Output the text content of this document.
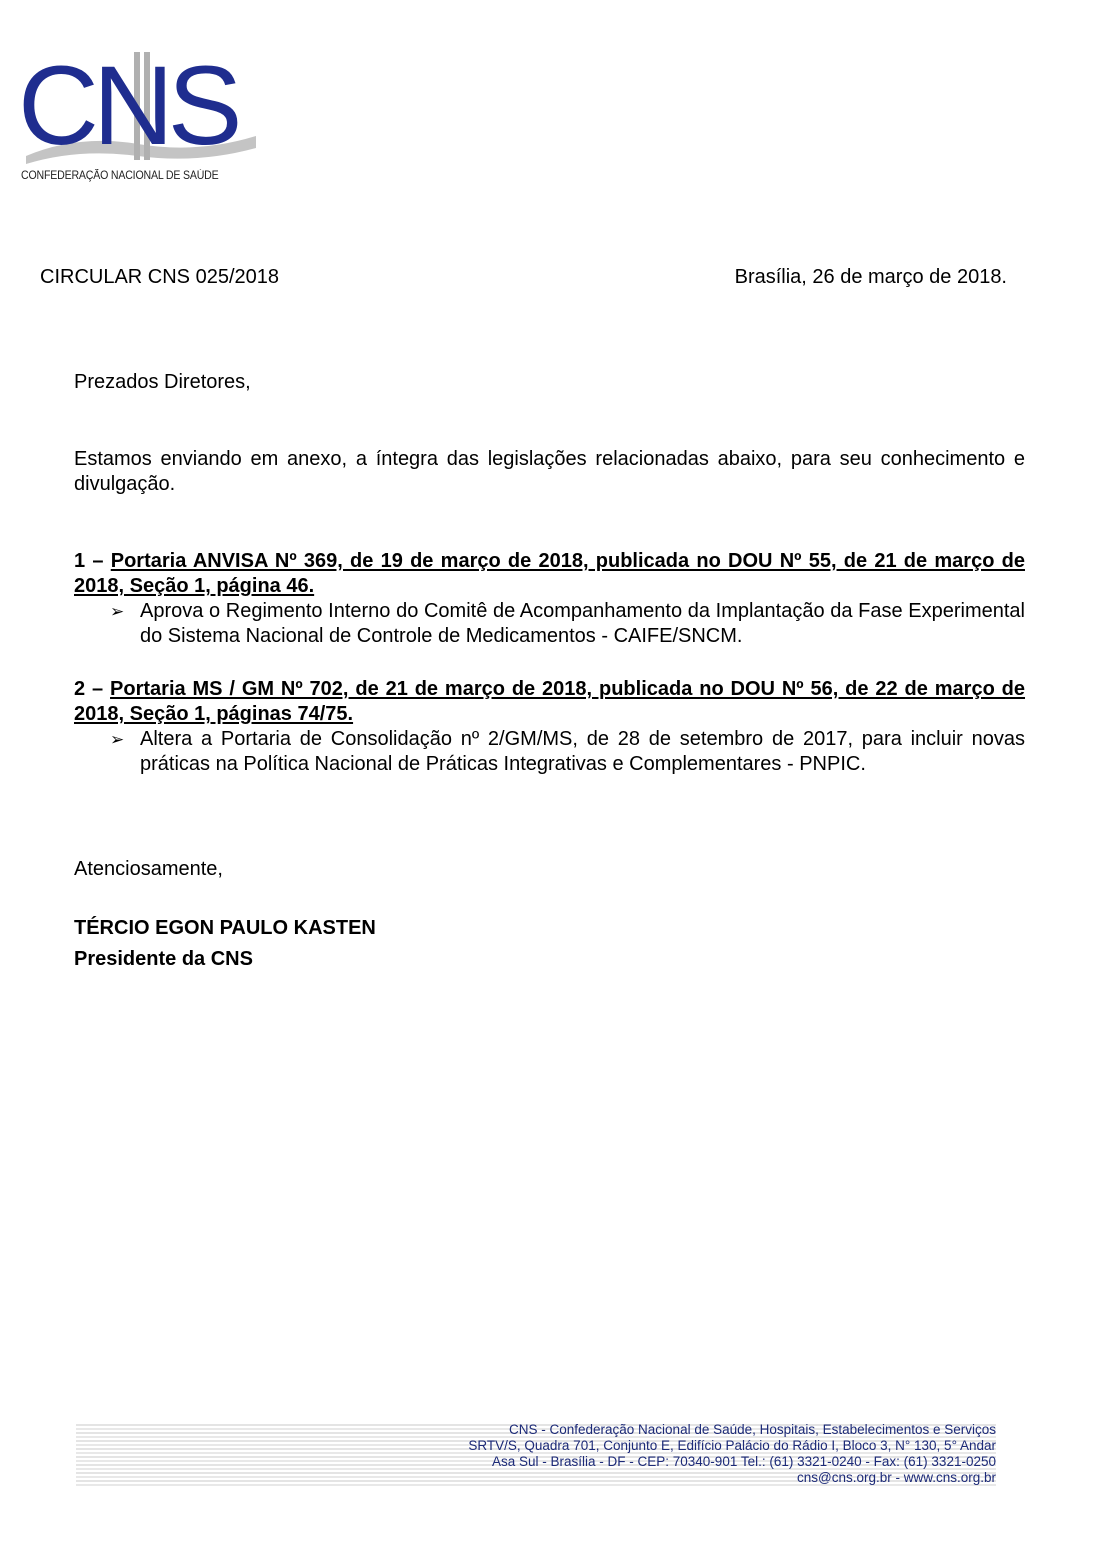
CNS
CONFEDERAÇÃO NACIONAL DE SAÚDE
CIRCULAR CNS 025/2018	Brasília, 26 de março de 2018.
Prezados Diretores,
Estamos enviando em anexo, a íntegra das legislações relacionadas abaixo, para seu conhecimento e divulgação.
1 – Portaria ANVISA Nº 369, de 19 de março de 2018, publicada no DOU Nº 55, de 21 de março de 2018, Seção 1, página 46.
➢ Aprova o Regimento Interno do Comitê de Acompanhamento da Implantação da Fase Experimental do Sistema Nacional de Controle de Medicamentos - CAIFE/SNCM.
2 – Portaria MS / GM Nº 702, de 21 de março de 2018, publicada no DOU Nº 56, de 22 de março de 2018, Seção 1, páginas 74/75.
➢ Altera a Portaria de Consolidação nº 2/GM/MS, de 28 de setembro de 2017, para incluir novas práticas na Política Nacional de Práticas Integrativas e Complementares - PNPIC.
Atenciosamente,
TÉRCIO EGON PAULO KASTEN
Presidente da CNS
CNS - Confederação Nacional de Saúde, Hospitais, Estabelecimentos e Serviços
SRTV/S, Quadra 701, Conjunto E, Edifício Palácio do Rádio I, Bloco 3, N° 130, 5° Andar
Asa Sul - Brasília - DF - CEP: 70340-901 Tel.: (61) 3321-0240 - Fax: (61) 3321-0250
cns@cns.org.br - www.cns.org.br
